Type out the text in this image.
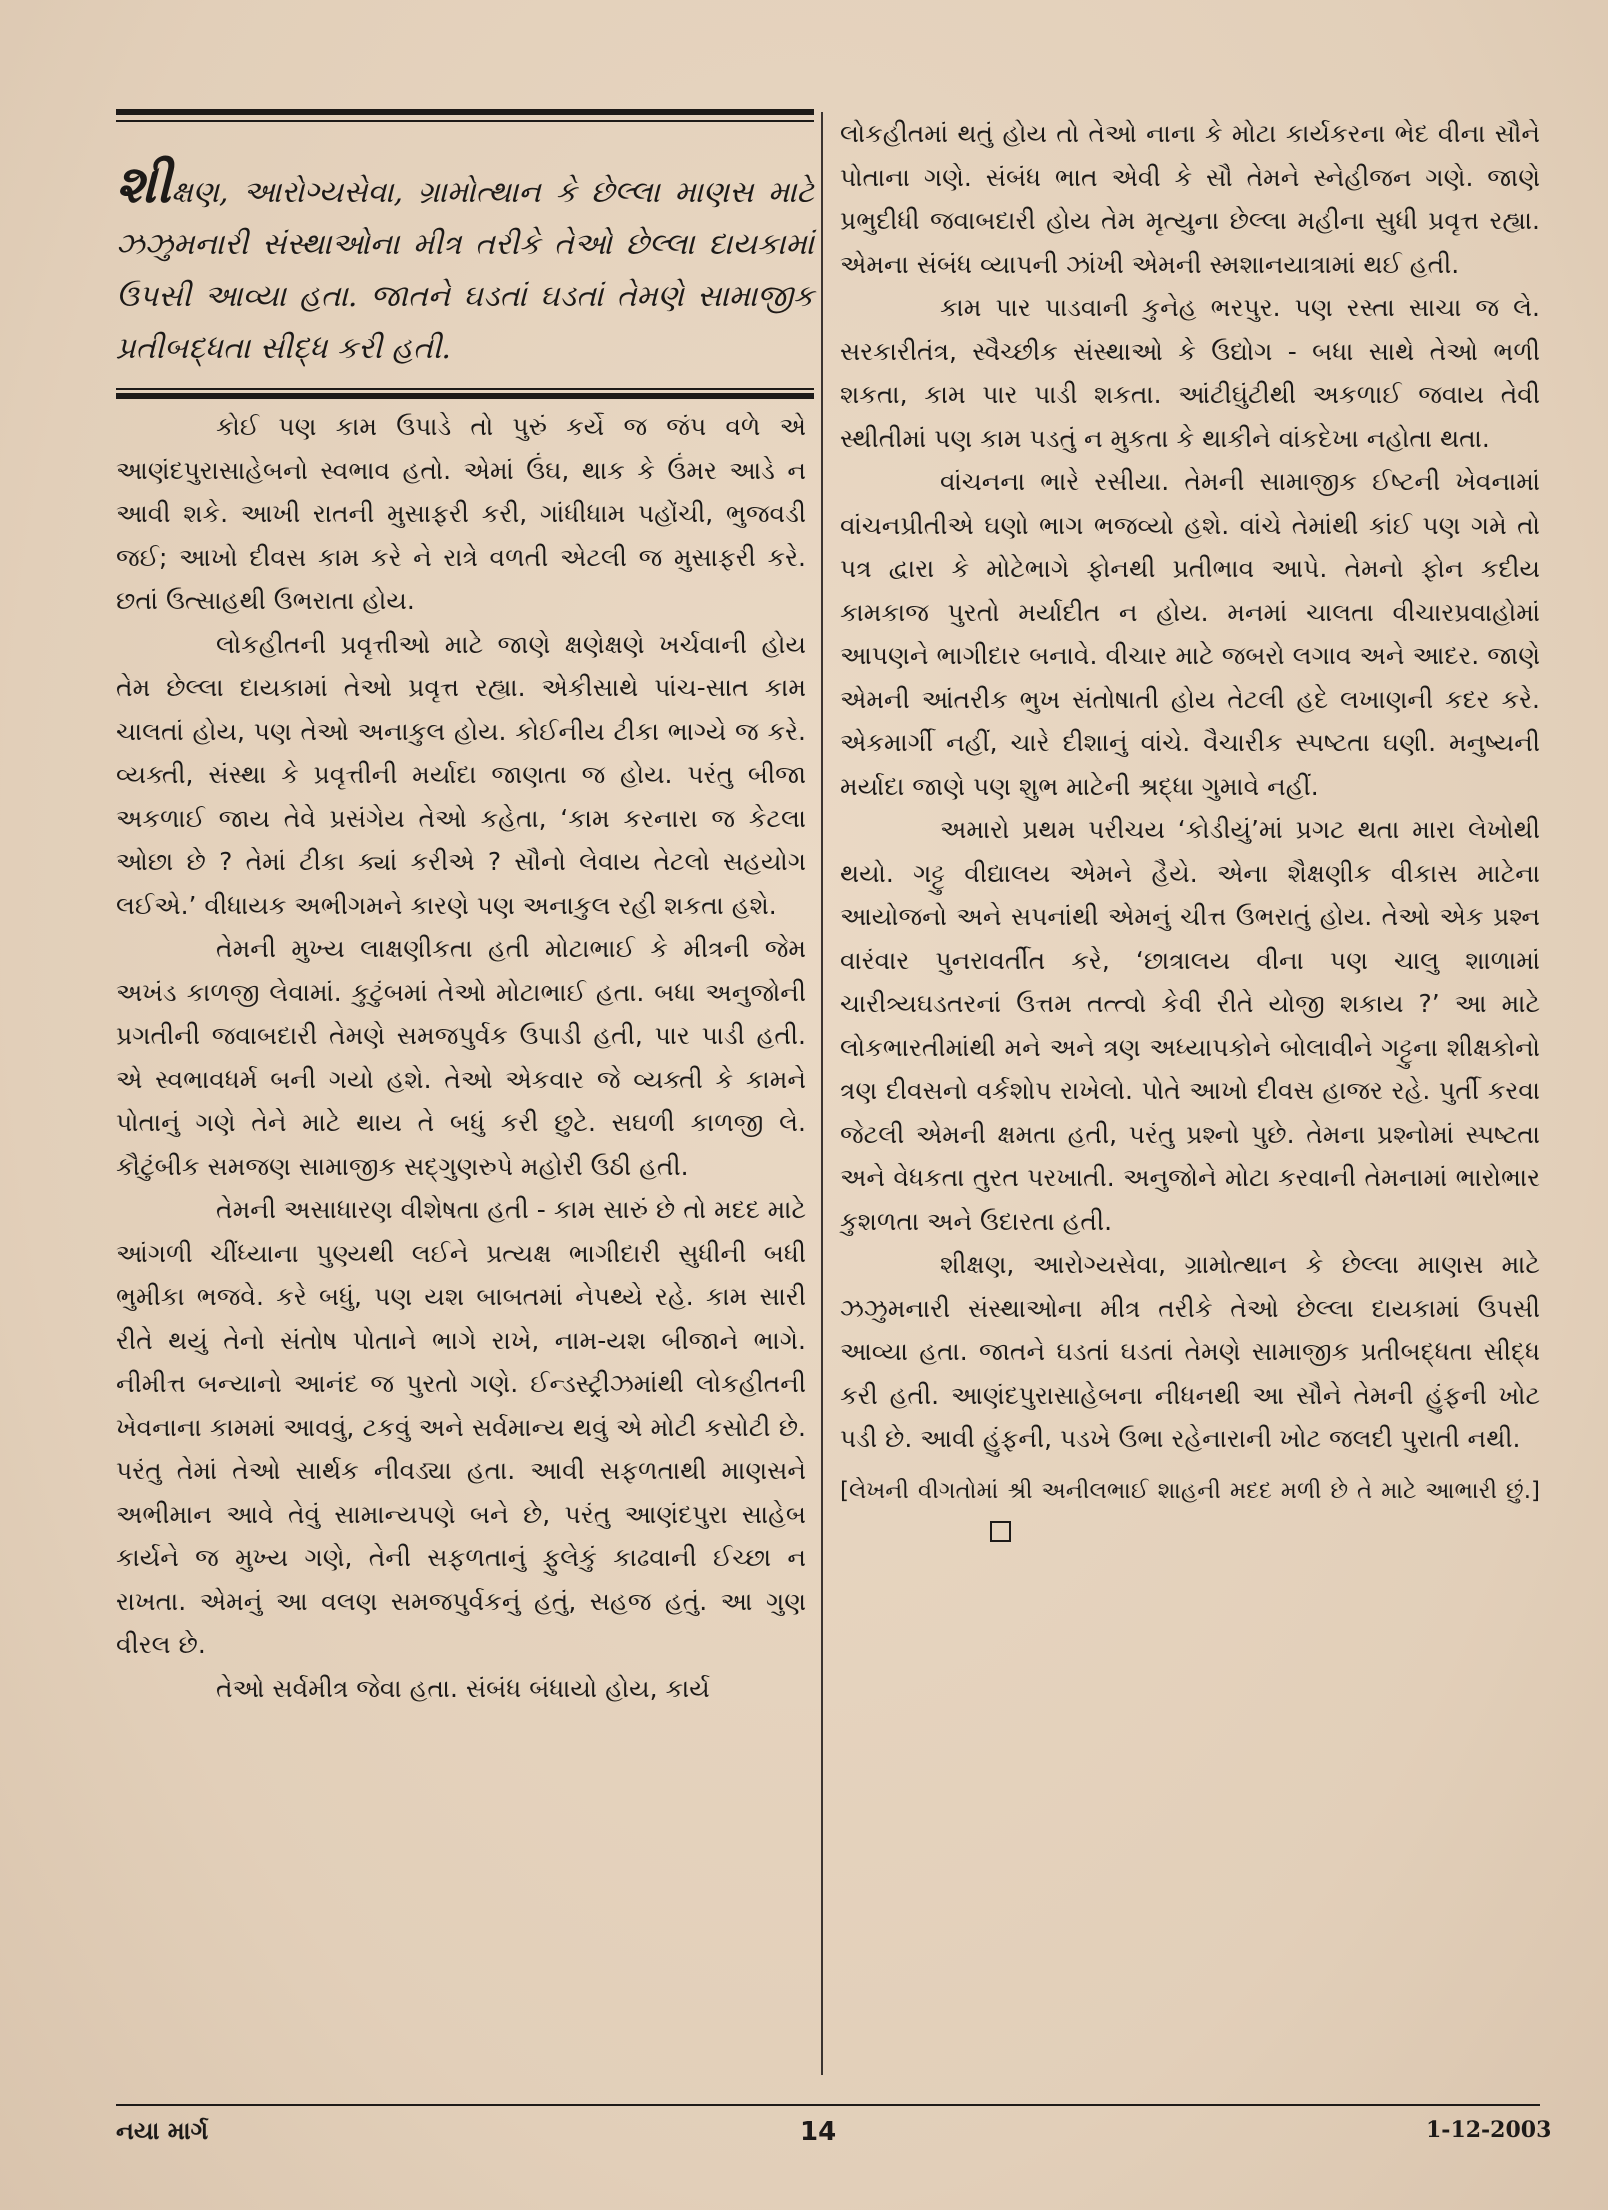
શીક્ષણ, આરોગ્યસેવા, ગ્રામોત્થાન કે છેલ્લા માણસ માટે ઝઝુમનારી સંસ્થાઓના મીત્ર તરીકે તેઓ છેલ્લા દાયકામાં ઉપસી આવ્યા હતા. જાતને ઘડતાં ઘડતાં તેમણે સામાજીક પ્રતીબદ્ધતા સીદ્ધ કરી હતી.

કોઈ પણ કામ ઉપાડે તો પુરું કર્યે જ જંપ વળે એ આણંદપુરાસાહેબનો સ્વભાવ હતો. એમાં ઉંઘ, થાક કે ઉંમર આડે ન આવી શકે. આખી રાતની મુસાફરી કરી, ગાંધીધામ પહોંચી, ભુજવડી જઈ; આખો દીવસ કામ કરે ને રાત્રે વળતી એટલી જ મુસાફરી કરે. છતાં ઉત્સાહથી ઉભરાતા હોય.

લોકહીતની પ્રવૃત્તીઓ માટે જાણે ક્ષણેક્ષણે ખર્ચવાની હોય તેમ છેલ્લા દાયકામાં તેઓ પ્રવૃત્ત રહ્યા. એકીસાથે પાંચ-સાત કામ ચાલતાં હોય, પણ તેઓ અનાકુલ હોય. કોઈનીય ટીકા ભાગ્યે જ કરે. વ્યક્તી, સંસ્થા કે પ્રવૃત્તીની મર્યાદા જાણતા જ હોય. પરંતુ બીજા અકળાઈ જાય તેવે પ્રસંગેય તેઓ કહેતા, ‘કામ કરનારા જ કેટલા ઓછા છે ? તેમાં ટીકા ક્યાં કરીએ ? સૌનો લેવાય તેટલો સહયોગ લઈએ.’ વીધાયક અભીગમને કારણે પણ અનાકુલ રહી શકતા હશે.

તેમની મુખ્ય લાક્ષણીકતા હતી મોટાભાઈ કે મીત્રની જેમ અખંડ કાળજી લેવામાં. કુટુંબમાં તેઓ મોટાભાઈ હતા. બધા અનુજોની પ્રગતીની જવાબદારી તેમણે સમજપુર્વક ઉપાડી હતી, પાર પાડી હતી. એ સ્વભાવધર્મ બની ગયો હશે. તેઓ એકવાર જે વ્યક્તી કે કામને પોતાનું ગણે તેને માટે થાય તે બધું કરી છુટે. સઘળી કાળજી લે. કૌટુંબીક સમજણ સામાજીક સદ્ગુણરુપે મહોરી ઉઠી હતી.

તેમની અસાધારણ વીશેષતા હતી - કામ સારું છે તો મદદ માટે આંગળી ચીંધ્યાના પુણ્યથી લઈને પ્રત્યક્ષ ભાગીદારી સુધીની બધી ભુમીકા ભજવે. કરે બધું, પણ યશ બાબતમાં નેપથ્યે રહે. કામ સારી રીતે થયું તેનો સંતોષ પોતાને ભાગે રાખે, નામ-યશ બીજાને ભાગે. નીમીત્ત બન્યાનો આનંદ જ પુરતો ગણે. ઈન્ડસ્ટ્રીઝમાંથી લોકહીતની ખેવનાના કામમાં આવવું, ટકવું અને સર્વમાન્ય થવું એ મોટી કસોટી છે. પરંતુ તેમાં તેઓ સાર્થક નીવડ્યા હતા. આવી સફળતાથી માણસને અભીમાન આવે તેવું સામાન્યપણે બને છે, પરંતુ આણંદપુરા સાહેબ કાર્યને જ મુખ્ય ગણે, તેની સફળતાનું ફુલેકું કાઢવાની ઈચ્છા ન રાખતા. એમનું આ વલણ સમજપુર્વકનું હતું, સહજ હતું. આ ગુણ વીરલ છે.

તેઓ સર્વમીત્ર જેવા હતા. સંબંધ બંધાયો હોય, કાર્ય

લોકહીતમાં થતું હોય તો તેઓ નાના કે મોટા કાર્યકરના ભેદ વીના સૌને પોતાના ગણે. સંબંધ ભાત એવી કે સૌ તેમને સ્નેહીજન ગણે. જાણે પ્રભુદીધી જવાબદારી હોય તેમ મૃત્યુના છેલ્લા મહીના સુધી પ્રવૃત્ત રહ્યા. એમના સંબંધ વ્યાપની ઝાંખી એમની સ્મશાનયાત્રામાં થઈ હતી.

કામ પાર પાડવાની કુનેહ ભરપુર. પણ રસ્તા સાચા જ લે. સરકારીતંત્ર, સ્વૈચ્છીક સંસ્થાઓ કે ઉદ્યોગ - બધા સાથે તેઓ ભળી શકતા, કામ પાર પાડી શકતા. આંટીઘુંટીથી અકળાઈ જવાય તેવી સ્થીતીમાં પણ કામ પડતું ન મુકતા કે થાકીને વાંકદેખા નહોતા થતા.

વાંચનના ભારે રસીયા. તેમની સામાજીક ઈષ્ટની ખેવનામાં વાંચનપ્રીતીએ ઘણો ભાગ ભજવ્યો હશે. વાંચે તેમાંથી કાંઈ પણ ગમે તો પત્ર દ્વારા કે મોટેભાગે ફોનથી પ્રતીભાવ આપે. તેમનો ફોન કદીય કામકાજ પુરતો મર્યાદીત ન હોય. મનમાં ચાલતા વીચારપ્રવાહોમાં આપણને ભાગીદાર બનાવે. વીચાર માટે જબરો લગાવ અને આદર. જાણે એમની આંતરીક ભુખ સંતોષાતી હોય તેટલી હદે લખાણની કદર કરે. એકમાર્ગી નહીં, ચારે દીશાનું વાંચે. વૈચારીક સ્પષ્ટતા ઘણી. મનુષ્યની મર્યાદા જાણે પણ શુભ માટેની શ્રદ્ધા ગુમાવે નહીં.

અમારો પ્રથમ પરીચય ‘કોડીયું’માં પ્રગટ થતા મારા લેખોથી થયો. ગટ્ટુ વીદ્યાલય એમને હૈયે. એના શૈક્ષણીક વીકાસ માટેના આયોજનો અને સપનાંથી એમનું ચીત્ત ઉભરાતું હોય. તેઓ એક પ્રશ્ન વારંવાર પુનરાવર્તીત કરે, ‘છાત્રાલય વીના પણ ચાલુ શાળામાં ચારીત્ર્યઘડતરનાં ઉત્તમ તત્ત્વો કેવી રીતે યોજી શકાય ?’ આ માટે લોકભારતીમાંથી મને અને ત્રણ અધ્યાપકોને બોલાવીને ગટ્ટુના શીક્ષકોનો ત્રણ દીવસનો વર્કશોપ રાખેલો. પોતે આખો દીવસ હાજર રહે. પુર્તી કરવા જેટલી એમની ક્ષમતા હતી, પરંતુ પ્રશ્નો પુછે. તેમના પ્રશ્નોમાં સ્પષ્ટતા અને વેધકતા તુરત પરખાતી. અનુજોને મોટા કરવાની તેમનામાં ભારોભાર કુશળતા અને ઉદારતા હતી.

શીક્ષણ, આરોગ્યસેવા, ગ્રામોત્થાન કે છેલ્લા માણસ માટે ઝઝુમનારી સંસ્થાઓના મીત્ર તરીકે તેઓ છેલ્લા દાયકામાં ઉપસી આવ્યા હતા. જાતને ઘડતાં ઘડતાં તેમણે સામાજીક પ્રતીબદ્ધતા સીદ્ધ કરી હતી. આણંદપુરાસાહેબના નીધનથી આ સૌને તેમની હુંફની ખોટ પડી છે. આવી હુંફની, પડખે ઉભા રહેનારાની ખોટ જલદી પુરાતી નથી.

[લેખની વીગતોમાં શ્રી અનીલભાઈ શાહની મદદ મળી છે તે માટે આભારી છું.]

નયા માર્ગ	14	1-12-2003
